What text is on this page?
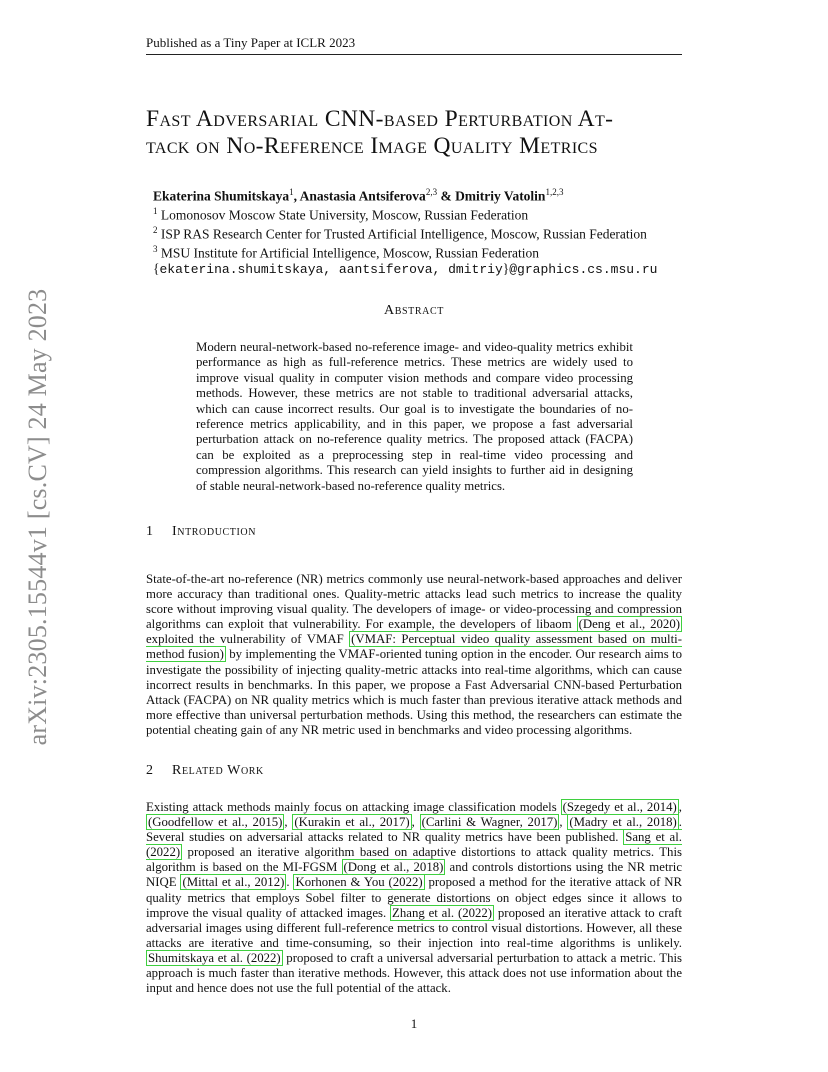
Published as a Tiny Paper at ICLR 2023
arXiv:2305.15544v1 [cs.CV] 24 May 2023
Fast Adversarial CNN-based Perturbation At-
tack on No-Reference Image Quality Metrics
Ekaterina Shumitskaya$^1$, Anastasia Antsiferova$^{2,3}$ & Dmitriy Vatolin$^{1,2,3}$
$^1$ Lomonosov Moscow State University, Moscow, Russian Federation
$^2$ ISP RAS Research Center for Trusted Artificial Intelligence, Moscow, Russian Federation
$^3$ MSU Institute for Artificial Intelligence, Moscow, Russian Federation
{ekaterina.shumitskaya, aantsiferova, dmitriy}@graphics.cs.msu.ru
Abstract
Modern neural-network-based no-reference image- and video-quality metrics exhibit performance as high as full-reference metrics. These metrics are widely used to improve visual quality in computer vision methods and compare video processing methods. However, these metrics are not stable to traditional adversarial attacks, which can cause incorrect results. Our goal is to investigate the boundaries of no-reference metrics applicability, and in this paper, we propose a fast adversarial perturbation attack on no-reference quality metrics. The proposed attack (FACPA) can be exploited as a preprocessing step in real-time video processing and compression algorithms. This research can yield insights to further aid in designing of stable neural-network-based no-reference quality metrics.
1 Introduction
State-of-the-art no-reference (NR) metrics commonly use neural-network-based approaches and deliver more accuracy than traditional ones. Quality-metric attacks lead such metrics to increase the quality score without improving visual quality. The developers of image- or video-processing and compression algorithms can exploit that vulnerability. For example, the developers of libaom (Deng et al., 2020) exploited the vulnerability of VMAF (VMAF: Perceptual video quality assessment based on multi-method fusion) by implementing the VMAF-oriented tuning option in the encoder. Our research aims to investigate the possibility of injecting quality-metric attacks into real-time algorithms, which can cause incorrect results in benchmarks. In this paper, we propose a Fast Adversarial CNN-based Perturbation Attack (FACPA) on NR quality metrics which is much faster than previous iterative attack methods and more effective than universal perturbation methods. Using this method, the researchers can estimate the potential cheating gain of any NR metric used in benchmarks and video processing algorithms.
2 Related Work
Existing attack methods mainly focus on attacking image classification models (Szegedy et al., 2014) ,(Goodfellow et al., 2015) , (Kurakin et al., 2017) , (Carlini & Wagner, 2017) , (Madry et al., 2018) . Several studies on adversarial attacks related to NR quality metrics have been published. Sang et al. (2022) proposed an iterative algorithm based on adaptive distortions to attack quality metrics. This algorithm is based on the MI-FGSM (Dong et al., 2018) and controls distortions using the NR metric NIQE (Mittal et al., 2012) . Korhonen & You (2022) proposed a method for the iterative attack of NR quality metrics that employs Sobel filter to generate distortions on object edges since it allows to improve the visual quality of attacked images. Zhang et al. (2022) proposed an iterative attack to craft adversarial images using different full-reference metrics to control visual distortions. However, all these attacks are iterative and time-consuming, so their injection into real-time algorithms is unlikely. Shumitskaya et al. (2022) proposed to craft a universal adversarial perturbation to attack a metric. This approach is much faster than iterative methods. However, this attack does not use information about the input and hence does not use the full potential of the attack.
1
